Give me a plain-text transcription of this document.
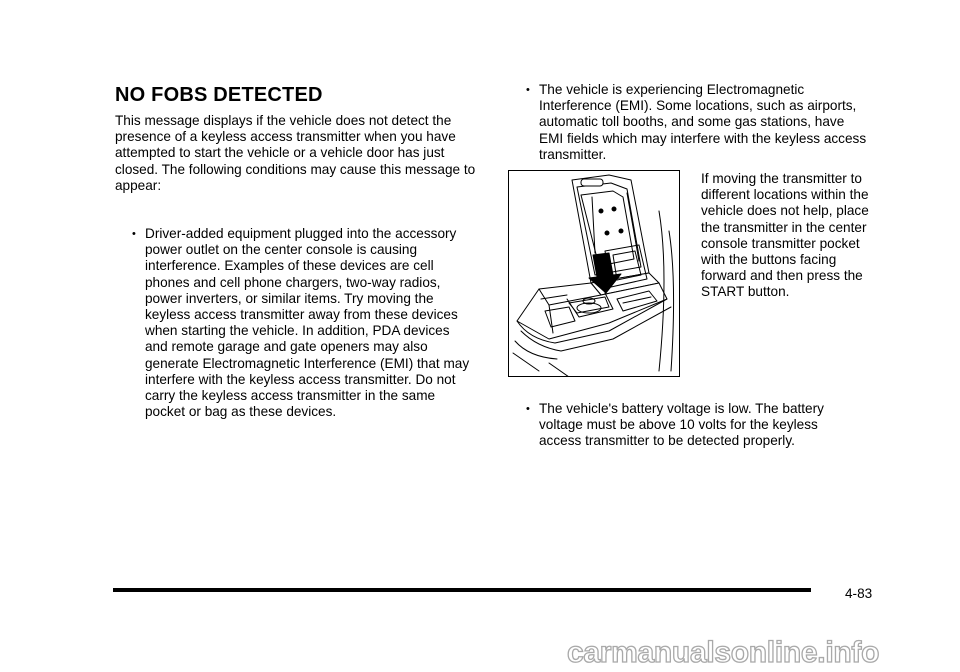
NO FOBS DETECTED

This message displays if the vehicle does not detect the presence of a keyless access transmitter when you have attempted to start the vehicle or a vehicle door has just closed. The following conditions may cause this message to appear:

• Driver-added equipment plugged into the accessory power outlet on the center console is causing interference. Examples of these devices are cell phones and cell phone chargers, two-way radios, power inverters, or similar items. Try moving the keyless access transmitter away from these devices when starting the vehicle. In addition, PDA devices and remote garage and gate openers may also generate Electromagnetic Interference (EMI) that may interfere with the keyless access transmitter. Do not carry the keyless access transmitter in the same pocket or bag as these devices.
• The vehicle is experiencing Electromagnetic Interference (EMI). Some locations, such as airports, automatic toll booths, and some gas stations, have EMI fields which may interfere with the keyless access transmitter.

If moving the transmitter to different locations within the vehicle does not help, place the transmitter in the center console transmitter pocket with the buttons facing forward and then press the START button.

• The vehicle's battery voltage is low. The battery voltage must be above 10 volts for the keyless access transmitter to be detected properly.
4-83
carmanualsonline.info
